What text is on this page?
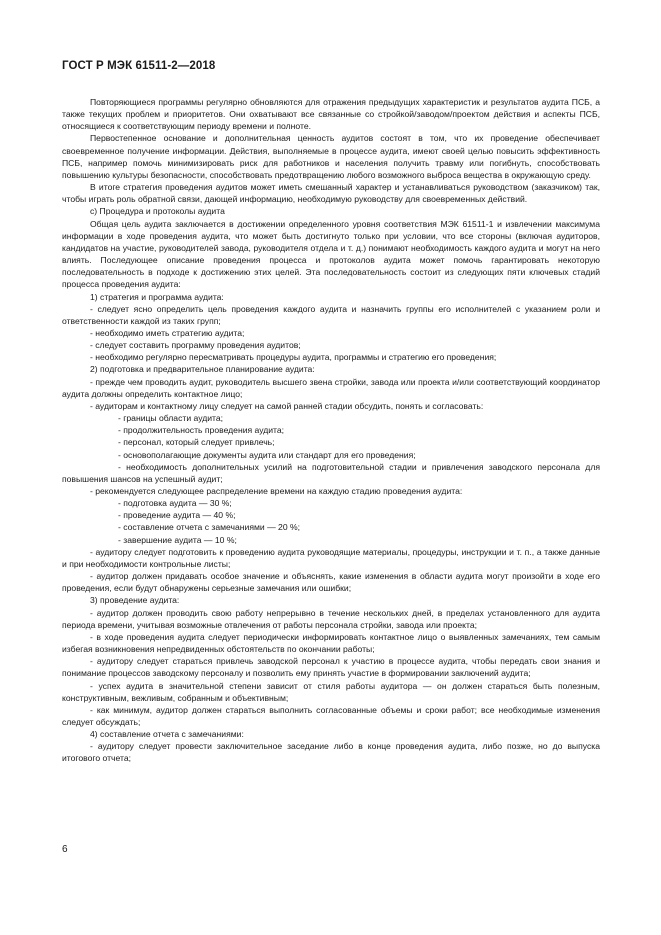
ГОСТ Р МЭК 61511-2—2018

Повторяющиеся программы регулярно обновляются для отражения предыдущих характеристик и результатов аудита ПСБ, а также текущих проблем и приоритетов. Они охватывают все связанные со стройкой/заводом/проектом действия и аспекты ПСБ, относящиеся к соответствующим периоду времени и полноте.

Первостепенное основание и дополнительная ценность аудитов состоят в том, что их проведение обеспечивает своевременное получение информации. Действия, выполняемые в процессе аудита, имеют своей целью повысить эффективность ПСБ, например помочь минимизировать риск для работников и населения получить травму или погибнуть, способствовать повышению культуры безопасности, способствовать предотвращению любого возможного выброса вещества в окружающую среду.

В итоге стратегия проведения аудитов может иметь смешанный характер и устанавливаться руководством (заказчиком) так, чтобы играть роль обратной связи, дающей информацию, необходимую руководству для своевременных действий.

с) Процедура и протоколы аудита

Общая цель аудита заключается в достижении определенного уровня соответствия МЭК 61511-1 и извлечении максимума информации в ходе проведения аудита, что может быть достигнуто только при условии, что все стороны (включая аудиторов, кандидатов на участие, руководителей завода, руководителя отдела и т. д.) понимают необходимость каждого аудита и могут на него влиять. Последующее описание проведения процесса и протоколов аудита может помочь гарантировать некоторую последовательность в подходе к достижению этих целей. Эта последовательность состоит из следующих пяти ключевых стадий процесса проведения аудита:

1) стратегия и программа аудита:

- следует ясно определить цель проведения каждого аудита и назначить группы его исполнителей с указанием роли и ответственности каждой из таких групп;

- необходимо иметь стратегию аудита;

- следует составить программу проведения аудитов;

- необходимо регулярно пересматривать процедуры аудита, программы и стратегию его проведения;

2) подготовка и предварительное планирование аудита:

- прежде чем проводить аудит, руководитель высшего звена стройки, завода или проекта и/или соответствующий координатор аудита должны определить контактное лицо;

- аудиторам и контактному лицу следует на самой ранней стадии обсудить, понять и согласовать:

- границы области аудита;

- продолжительность проведения аудита;

- персонал, который следует привлечь;

- основополагающие документы аудита или стандарт для его проведения;

- необходимость дополнительных усилий на подготовительной стадии и привлечения заводского персонала для повышения шансов на успешный аудит;

- рекомендуется следующее распределение времени на каждую стадию проведения аудита:

- подготовка аудита — 30 %;

- проведение аудита — 40 %;

- составление отчета с замечаниями — 20 %;

- завершение аудита — 10 %;

- аудитору следует подготовить к проведению аудита руководящие материалы, процедуры, инструкции и т. п., а также данные и при необходимости контрольные листы;

- аудитор должен придавать особое значение и объяснять, какие изменения в области аудита могут произойти в ходе его проведения, если будут обнаружены серьезные замечания или ошибки;

3) проведение аудита:

- аудитор должен проводить свою работу непрерывно в течение нескольких дней, в пределах установленного для аудита периода времени, учитывая возможные отвлечения от работы персонала стройки, завода или проекта;

- в ходе проведения аудита следует периодически информировать контактное лицо о выявленных замечаниях, тем самым избегая возникновения непредвиденных обстоятельств по окончании работы;

- аудитору следует стараться привлечь заводской персонал к участию в процессе аудита, чтобы передать свои знания и понимание процессов заводскому персоналу и позволить ему принять участие в формировании заключений аудита;

- успех аудита в значительной степени зависит от стиля работы аудитора — он должен стараться быть полезным, конструктивным, вежливым, собранным и объективным;

- как минимум, аудитор должен стараться выполнить согласованные объемы и сроки работ; все необходимые изменения следует обсуждать;

4) составление отчета с замечаниями:

- аудитору следует провести заключительное заседание либо в конце проведения аудита, либо позже, но до выпуска итогового отчета;

6
